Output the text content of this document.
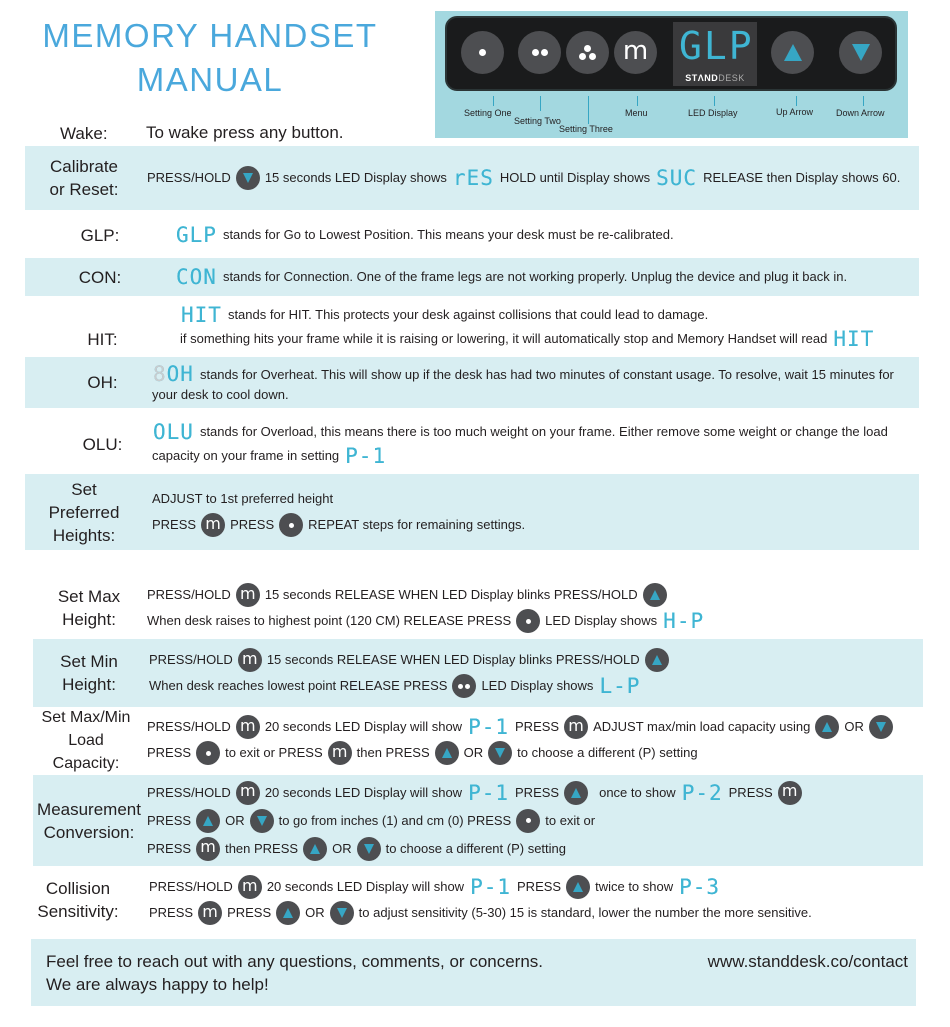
MEMORY HANDSET
MANUAL
m GLP
STΛNDDESK
Setting One
Setting Two
Setting Three
Menu	LED Display	Up Arrow	Down Arrow
Wake:	To wake press any button.
Calibrate
or Reset:
PRESS/HOLD	15 seconds LED Display shows rES HOLD until Display shows SUC RELEASE then Display shows 60.
GLP:	GLP stands for Go to Lowest Position. This means your desk must be re-calibrated.
CON:	CON stands for Connection. One of the frame legs are not working properly. Unplug the device and plug it back in.
HIT:
HIT stands for HIT. This protects your desk against collisions that could lead to damage.
if something hits your frame while it is raising or lowering, it will automatically stop and Memory Handset will read HIT
OH:	8OH stands for Overheat. This will show up if the desk has had two minutes of constant usage. To resolve, wait 15 minutes for
your desk to cool down.
OLU:	OLU stands for Overload, this means there is too much weight on your frame. Either remove some weight or change the load
capacity on your frame in setting P-1
Set
Preferred
Heights:
ADJUST to 1st preferred height
PRESS m PRESS	REPEAT steps for remaining settings.
Set Max
Height:
PRESS/HOLD m 15 seconds RELEASE WHEN LED Display blinks PRESS/HOLD
When desk raises to highest point (120 CM) RELEASE PRESS	LED Display shows H-P
Set Min
Height:
PRESS/HOLD m 15 seconds RELEASE WHEN LED Display blinks PRESS/HOLD
When desk reaches lowest point RELEASE PRESS	LED Display shows L-P
Set Max/Min
Load Capacity:
PRESS/HOLD m 20 seconds LED Display will show P-1 PRESS m ADJUST max/min load capacity using	OR
PRESS	to exit or PRESS m then PRESS	OR	to choose a different (P) setting
Measurement
Conversion:
PRESS/HOLD m 20 seconds LED Display will show P-1 PRESS	once to show P-2 PRESS m
PRESS	OR	to go from inches (1) and cm (0) PRESS	to exit or
PRESS m then PRESS	OR	to choose a different (P) setting
Collision
Sensitivity:
PRESS/HOLD m 20 seconds LED Display will show P-1 PRESS	twice to show P-3
PRESS m PRESS	OR	to adjust sensitivity (5-30) 15 is standard, lower the number the more sensitive.
Feel free to reach out with any questions, comments, or concerns.
We are always happy to help!
www.standdesk.co/contact
